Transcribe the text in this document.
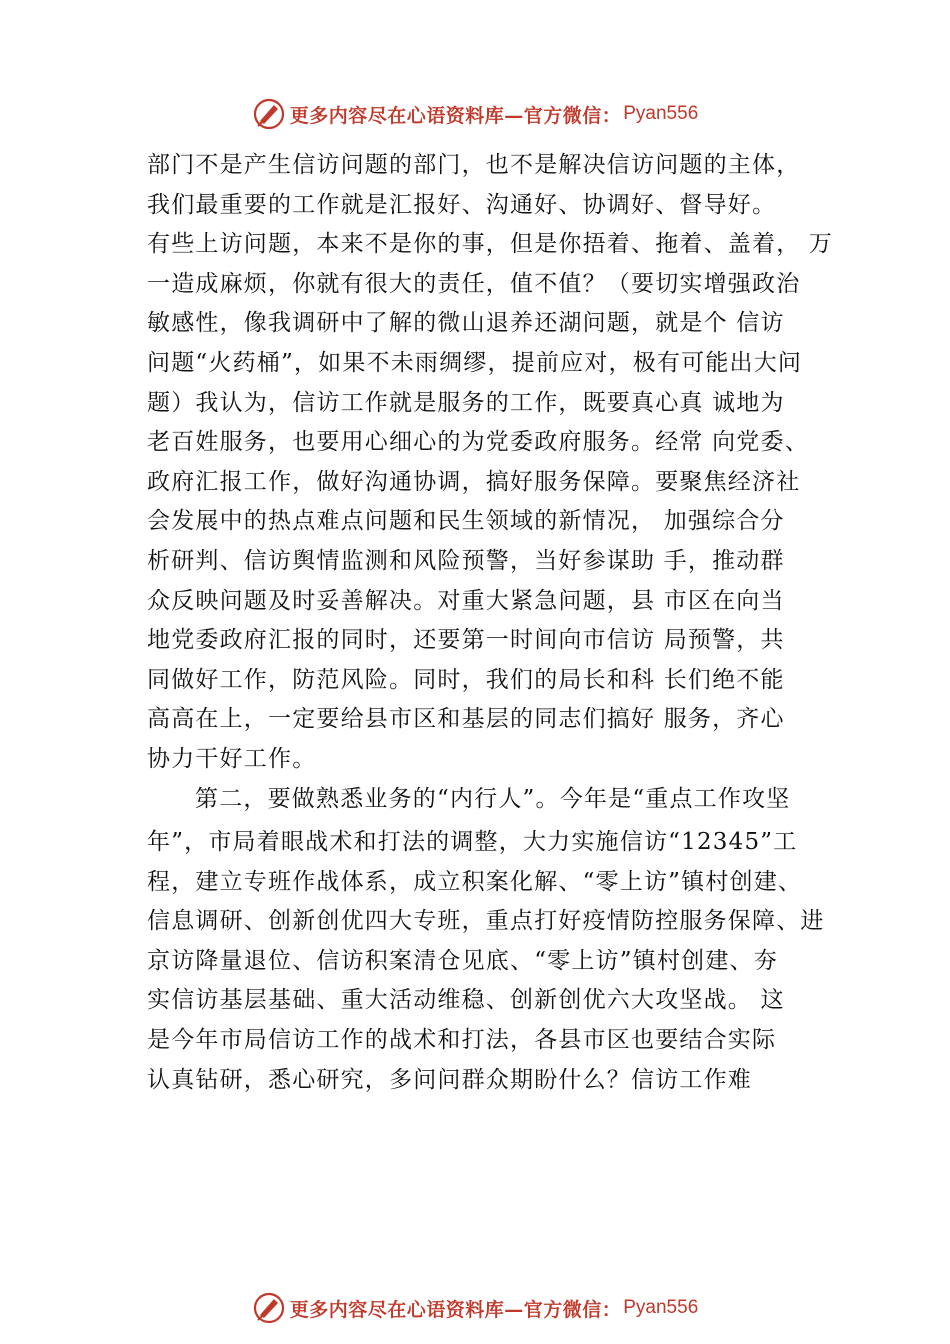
更多内容尽在心语资料库—官方微信： Pyan556
部门不是产生信访问题的部门，也不是解决信访问题的主体，
我们最重要的工作就是汇报好、沟通好、协调好、督导好。
有些上访问题，本来不是你的事，但是你捂着、拖着、盖着， 万
一造成麻烦，你就有很大的责任，值不值？（要切实增强政治
敏感性，像我调研中了解的微山退养还湖问题，就是个 信访
问题“火药桶”，如果不未雨绸缪，提前应对，极有可能出大问
题）我认为，信访工作就是服务的工作，既要真心真 诚地为
老百姓服务，也要用心细心的为党委政府服务。经常 向党委、
政府汇报工作，做好沟通协调，搞好服务保障。要聚焦经济社
会发展中的热点难点问题和民生领域的新情况， 加强综合分
析研判、信访舆情监测和风险预警，当好参谋助 手，推动群
众反映问题及时妥善解决。对重大紧急问题，县 市区在向当
地党委政府汇报的同时，还要第一时间向市信访 局预警，共
同做好工作，防范风险。同时，我们的局长和科 长们绝不能
高高在上，一定要给县市区和基层的同志们搞好 服务，齐心
协力干好工作。
第二，要做熟悉业务的“内行人”。今年是“重点工作攻坚
年”，市局着眼战术和打法的调整，大力实施信访“12345”工
程，建立专班作战体系，成立积案化解、“零上访”镇村创建、
信息调研、创新创优四大专班，重点打好疫情防控服务保障、进
京访降量退位、信访积案清仓见底、“零上访”镇村创建、夯
实信访基层基础、重大活动维稳、创新创优六大攻坚战。 这
是今年市局信访工作的战术和打法，各县市区也要结合实际
认真钻研，悉心研究，多问问群众期盼什么？信访工作难
更多内容尽在心语资料库—官方微信： Pyan556
